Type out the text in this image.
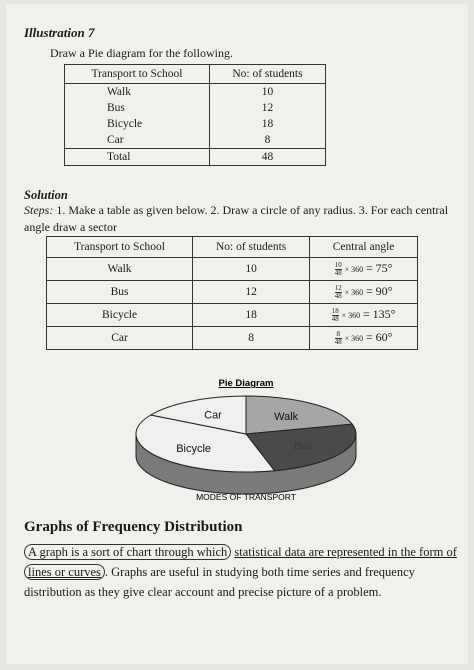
Illustration 7
Draw a Pie diagram for the following.
Transport to School	No: of students
Walk	10
Bus	12
Bicycle	18
Car	8
Total	48
Solution
Steps: 1. Make a table as given below. 2. Draw a circle of any radius. 3. For each central angle draw a sector
Transport to School	No: of students	Central angle
Walk	10	$\frac{10}{48} \times 360 = 75^\circ$
Bus	12	$\frac{12}{48} \times 360 = 90^\circ$
Bicycle	18	$\frac{18}{48} \times 360 = 135^\circ$
Car	8	$\frac{8}{48} \times 360 = 60^\circ$
Pie Diagram
Walk
Bus
Bicycle
Car
MODES OF TRANSPORT
Graphs of Frequency Distribution
A graph is a sort of chart through which statistical data are represented in the form of lines or curves . Graphs are useful in studying both time series and frequency distribution as they give clear account and precise picture of a problem.
